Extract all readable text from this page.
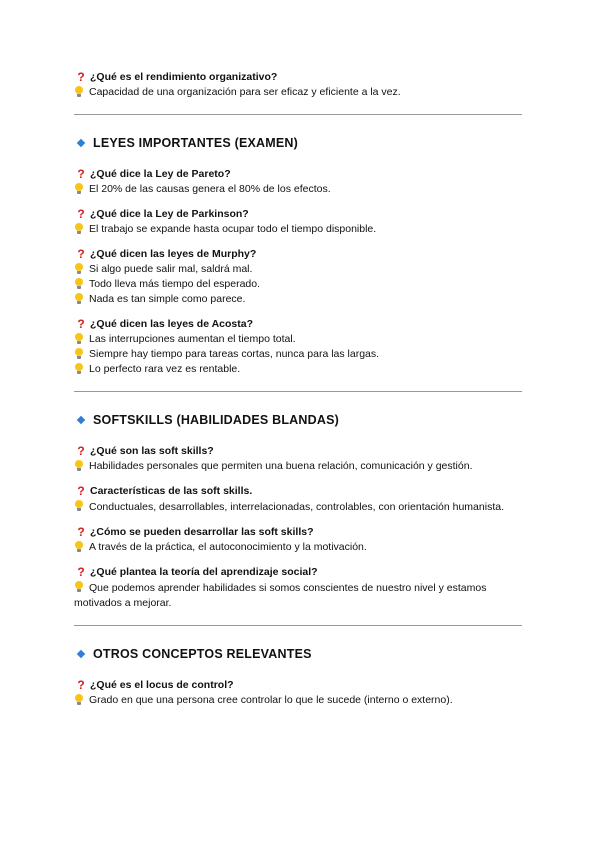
? ¿Qué es el rendimiento organizativo?
Capacidad de una organización para ser eficaz y eficiente a la vez.
LEYES IMPORTANTES (EXAMEN)
? ¿Qué dice la Ley de Pareto?
El 20% de las causas genera el 80% de los efectos.
? ¿Qué dice la Ley de Parkinson?
El trabajo se expande hasta ocupar todo el tiempo disponible.
? ¿Qué dicen las leyes de Murphy?
Si algo puede salir mal, saldrá mal.
Todo lleva más tiempo del esperado.
Nada es tan simple como parece.
? ¿Qué dicen las leyes de Acosta?
Las interrupciones aumentan el tiempo total.
Siempre hay tiempo para tareas cortas, nunca para las largas.
Lo perfecto rara vez es rentable.
SOFTSKILLS (HABILIDADES BLANDAS)
? ¿Qué son las soft skills?
Habilidades personales que permiten una buena relación, comunicación y gestión.
? Características de las soft skills.
Conductuales, desarrollables, interrelacionadas, controlables, con orientación humanista.
? ¿Cómo se pueden desarrollar las soft skills?
A través de la práctica, el autoconocimiento y la motivación.
? ¿Qué plantea la teoría del aprendizaje social?
Que podemos aprender habilidades si somos conscientes de nuestro nivel y estamos motivados a mejorar.
OTROS CONCEPTOS RELEVANTES
? ¿Qué es el locus de control?
Grado en que una persona cree controlar lo que le sucede (interno o externo).
